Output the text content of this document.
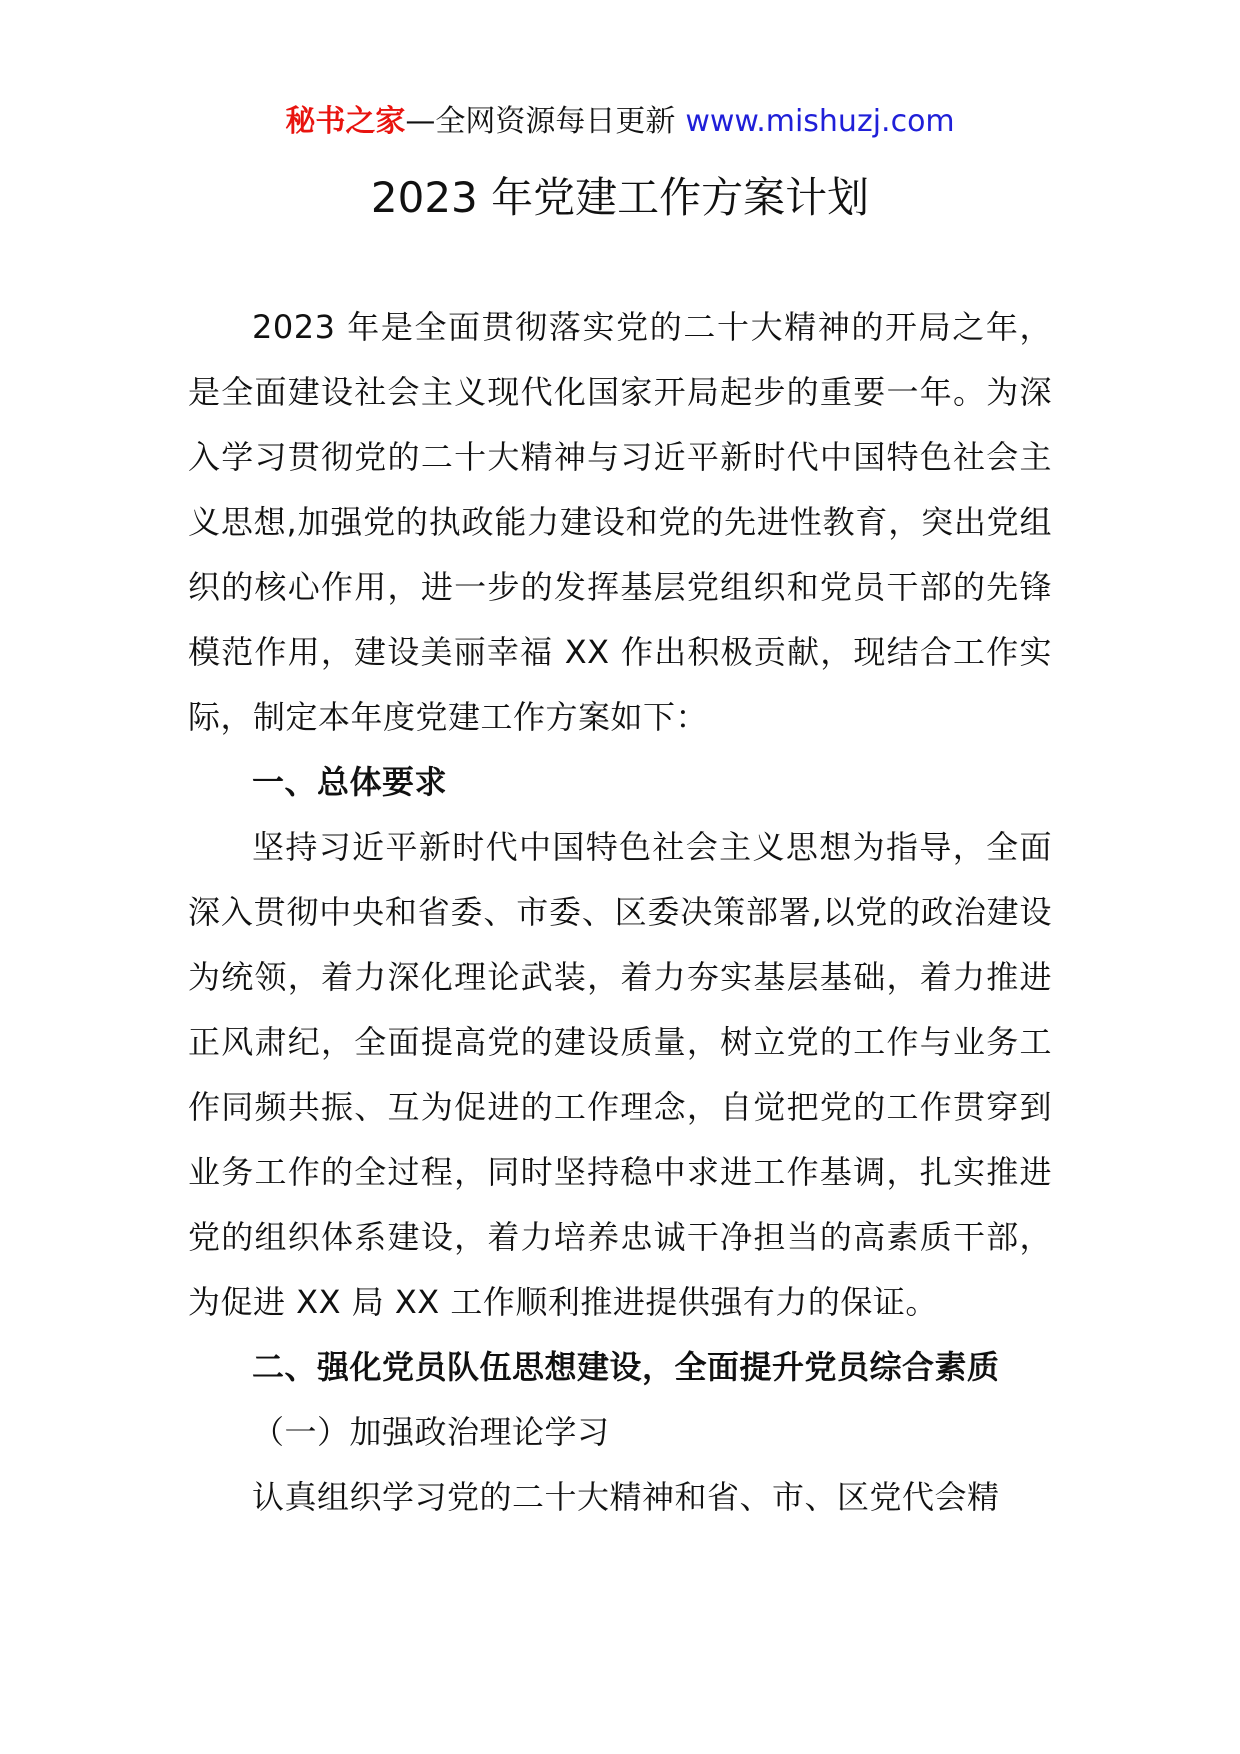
秘书之家—全网资源每日更新 www.mishuzj.com
2023 年党建工作方案计划

2023 年是全面贯彻落实党的二十大精神的开局之年，是全面建设社会主义现代化国家开局起步的重要一年。为深入学习贯彻党的二十大精神与习近平新时代中国特色社会主义思想,加强党的执政能力建设和党的先进性教育，突出党组织的核心作用，进一步的发挥基层党组织和党员干部的先锋模范作用，建设美丽幸福 XX 作出积极贡献，现结合工作实际，制定本年度党建工作方案如下：

一、总体要求

坚持习近平新时代中国特色社会主义思想为指导，全面深入贯彻中央和省委、市委、区委决策部署,以党的政治建设为统领，着力深化理论武装，着力夯实基层基础，着力推进正风肃纪，全面提高党的建设质量，树立党的工作与业务工作同频共振、互为促进的工作理念，自觉把党的工作贯穿到业务工作的全过程，同时坚持稳中求进工作基调，扎实推进党的组织体系建设，着力培养忠诚干净担当的高素质干部，为促进 XX 局 XX 工作顺利推进提供强有力的保证。

二、强化党员队伍思想建设，全面提升党员综合素质

（一）加强政治理论学习

认真组织学习党的二十大精神和省、市、区党代会精
